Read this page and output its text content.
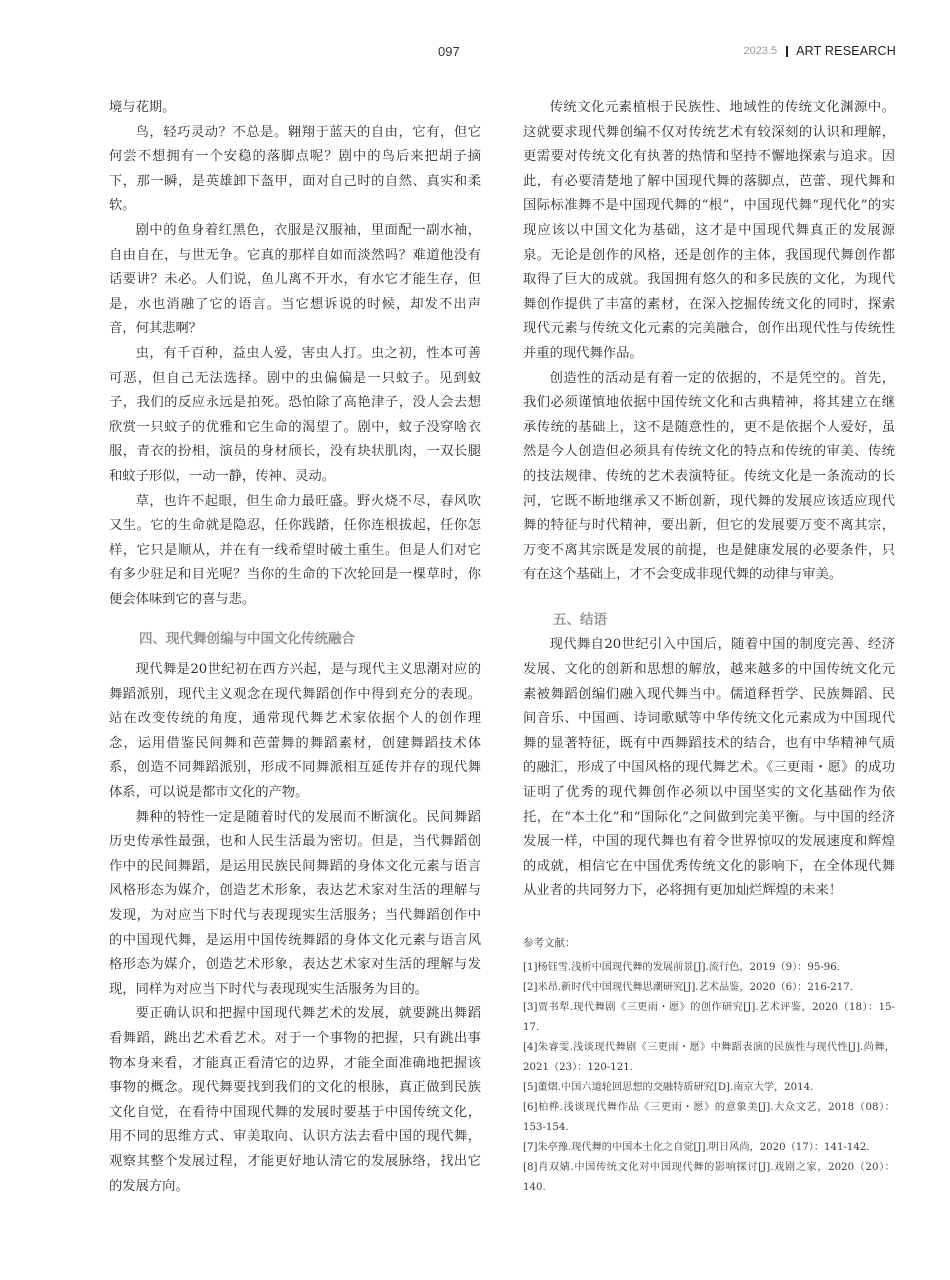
097	2023.5 ART RESEARCH

境与花期。

鸟，轻巧灵动？不总是。翱翔于蓝天的自由，它有，但它何尝不想拥有一个安稳的落脚点呢？剧中的鸟后来把胡子摘下，那一瞬，是英雄卸下盔甲，面对自己时的自然、真实和柔软。

剧中的鱼身着红黑色，衣服是汉服袖，里面配一副水袖，自由自在，与世无争。它真的那样自如而淡然吗？难道他没有话要讲？未必。人们说，鱼儿离不开水，有水它才能生存，但是，水也消融了它的语言。当它想诉说的时候，却发不出声音，何其悲啊？

虫，有千百种，益虫人爱，害虫人打。虫之初，性本可善可恶，但自己无法选择。剧中的虫偏偏是一只蚊子。见到蚊子，我们的反应永远是拍死。恐怕除了高艳津子，没人会去想欣赏一只蚊子的优雅和它生命的渴望了。剧中，蚊子没穿啥衣服，青衣的扮相，演员的身材颀长，没有块状肌肉，一双长腿和蚊子形似，一动一静，传神、灵动。

草，也许不起眼，但生命力最旺盛。野火烧不尽，春风吹又生。它的生命就是隐忍，任你践踏，任你连根拔起，任你怎样，它只是顺从，并在有一线希望时破土重生。但是人们对它有多少驻足和目光呢？当你的生命的下次轮回是一棵草时，你便会体味到它的喜与悲。

四、现代舞创编与中国文化传统融合

现代舞是20世纪初在西方兴起，是与现代主义思潮对应的舞蹈派别，现代主义观念在现代舞蹈创作中得到充分的表现。站在改变传统的角度，通常现代舞艺术家依据个人的创作理念，运用借鉴民间舞和芭蕾舞的舞蹈素材，创建舞蹈技术体系，创造不同舞蹈派别，形成不同舞派相互延传并存的现代舞体系，可以说是都市文化的产物。

舞种的特性一定是随着时代的发展而不断演化。民间舞蹈历史传承性最强，也和人民生活最为密切。但是，当代舞蹈创作中的民间舞蹈，是运用民族民间舞蹈的身体文化元素与语言风格形态为媒介，创造艺术形象，表达艺术家对生活的理解与发现，为对应当下时代与表现现实生活服务；当代舞蹈创作中的中国现代舞，是运用中国传统舞蹈的身体文化元素与语言风格形态为媒介，创造艺术形象，表达艺术家对生活的理解与发现，同样为对应当下时代与表现现实生活服务为目的。

要正确认识和把握中国现代舞艺术的发展，就要跳出舞蹈看舞蹈，跳出艺术看艺术。对于一个事物的把握，只有跳出事物本身来看，才能真正看清它的边界，才能全面准确地把握该事物的概念。现代舞要找到我们的文化的根脉，真正做到民族文化自觉，在看待中国现代舞的发展时要基于中国传统文化，用不同的思维方式、审美取向、认识方法去看中国的现代舞，观察其整个发展过程，才能更好地认清它的发展脉络，找出它的发展方向。

传统文化元素植根于民族性、地域性的传统文化渊源中。这就要求现代舞创编不仅对传统艺术有较深刻的认识和理解，更需要对传统文化有执著的热情和坚持不懈地探索与追求。因此，有必要清楚地了解中国现代舞的落脚点，芭蕾、现代舞和国际标准舞不是中国现代舞的“根”，中国现代舞“现代化”的实现应该以中国文化为基础，这才是中国现代舞真正的发展源泉。无论是创作的风格，还是创作的主体，我国现代舞创作都取得了巨大的成就。我国拥有悠久的和多民族的文化，为现代舞创作提供了丰富的素材，在深入挖掘传统文化的同时，探索现代元素与传统文化元素的完美融合，创作出现代性与传统性并重的现代舞作品。

创造性的活动是有着一定的依据的，不是凭空的。首先，我们必须谨慎地依据中国传统文化和古典精神，将其建立在继承传统的基础上，这不是随意性的，更不是依据个人爱好，虽然是今人创造但必须具有传统文化的特点和传统的审美、传统的技法规律、传统的艺术表演特征。传统文化是一条流动的长河，它既不断地继承又不断创新，现代舞的发展应该适应现代舞的特征与时代精神，要出新，但它的发展要万变不离其宗，万变不离其宗既是发展的前提，也是健康发展的必要条件，只有在这个基础上，才不会变成非现代舞的动律与审美。

五、结语

现代舞自20世纪引入中国后，随着中国的制度完善、经济发展、文化的创新和思想的解放，越来越多的中国传统文化元素被舞蹈创编们融入现代舞当中。儒道释哲学、民族舞蹈、民间音乐、中国画、诗词歌赋等中华传统文化元素成为中国现代舞的显著特征，既有中西舞蹈技术的结合，也有中华精神气质的融汇，形成了中国风格的现代舞艺术。《三更雨・愿》的成功证明了优秀的现代舞创作必须以中国坚实的文化基础作为依托，在“本土化”和“国际化”之间做到完美平衡。与中国的经济发展一样，中国的现代舞也有着令世界惊叹的发展速度和辉煌的成就，相信它在中国优秀传统文化的影响下，在全体现代舞从业者的共同努力下，必将拥有更加灿烂辉煌的未来！

参考文献：

[1]杨钰雪.浅析中国现代舞的发展前景[J].流行色，2019（9）：95-96.

[2]米昂.新时代中国现代舞思潮研究[J].艺术品鉴，2020（6）：216-217.

[3]贾书犁.现代舞剧《三更雨・愿》的创作研究[J].艺术评鉴，2020（18）：15-17.

[4]朱睿雯.浅谈现代舞剧《三更雨・愿》中舞蹈表演的民族性与现代性[J].尚舞，2021（23）：120-121.

[5]董熠.中国六道轮回思想的交融特质研究[D].南京大学，2014.

[6]柏桦.浅谈现代舞作品《三更雨・愿》的意象美[J].大众文艺，2018（08）：153-154.

[7]朱亭豫.现代舞的中国本土化之自觉[J].明日风尚，2020（17）：141-142.

[8]肖双婧.中国传统文化对中国现代舞的影响探讨[J].戏剧之家，2020（20）：140.
